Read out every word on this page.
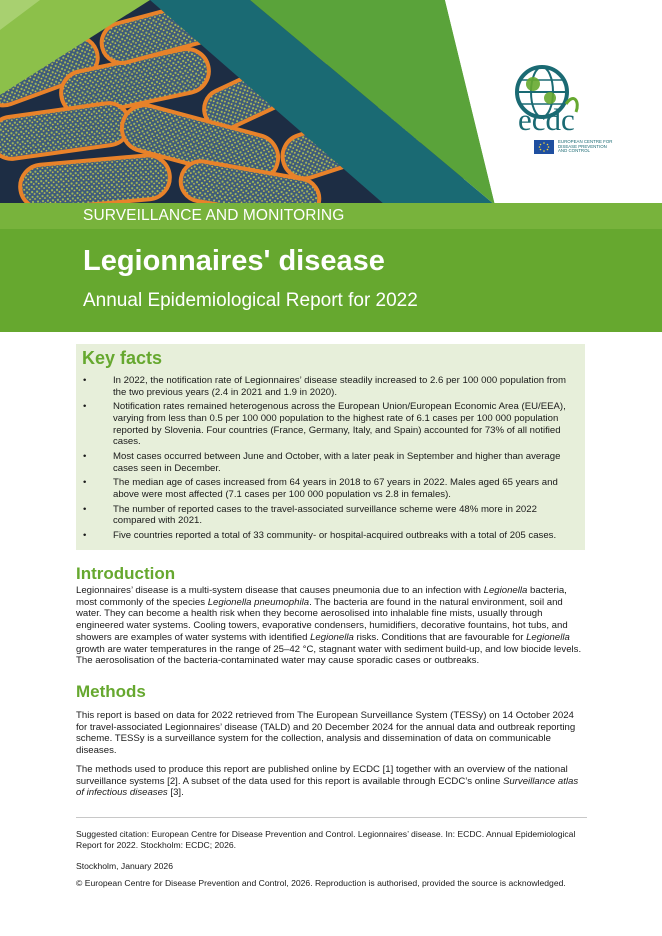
ecdc
EUROPEAN CENTRE FOR
DISEASE PREVENTION
AND CONTROL
SURVEILLANCE AND MONITORING
Legionnaires' disease
Annual Epidemiological Report for 2022
Key facts
•	In 2022, the notification rate of Legionnaires’ disease steadily increased to 2.6 per 100 000 population from the two previous years (2.4 in 2021 and 1.9 in 2020).
•	Notification rates remained heterogenous across the European Union/European Economic Area (EU/EEA), varying from less than 0.5 per 100 000 population to the highest rate of 6.1 cases per 100 000 population reported by Slovenia. Four countries (France, Germany, Italy, and Spain) accounted for 73% of all notified cases.
•	Most cases occurred between June and October, with a later peak in September and higher than average cases seen in December.
•	The median age of cases increased from 64 years in 2018 to 67 years in 2022. Males aged 65 years and above were most affected (7.1 cases per 100 000 population vs 2.8 in females).
•	The number of reported cases to the travel-associated surveillance scheme were 48% more in 2022 compared with 2021.
•	Five countries reported a total of 33 community- or hospital-acquired outbreaks with a total of 205 cases.
Introduction

Legionnaires’ disease is a multi-system disease that causes pneumonia due to an infection with Legionella bacteria, most commonly of the species Legionella pneumophila. The bacteria are found in the natural environment, soil and water. They can become a health risk when they become aerosolised into inhalable fine mists, usually through engineered water systems. Cooling towers, evaporative condensers, humidifiers, decorative fountains, hot tubs, and showers are examples of water systems with identified Legionella risks. Conditions that are favourable for Legionella growth are water temperatures in the range of 25–42 °C, stagnant water with sediment build-up, and low biocide levels. The aerosolisation of the bacteria-contaminated water may cause sporadic cases or outbreaks.

Methods

This report is based on data for 2022 retrieved from The European Surveillance System (TESSy) on 14 October 2024 for travel-associated Legionnaires’ disease (TALD) and 20 December 2024 for the annual data and outbreak reporting scheme. TESSy is a surveillance system for the collection, analysis and dissemination of data on communicable diseases.

The methods used to produce this report are published online by ECDC [1] together with an overview of the national surveillance systems [2]. A subset of the data used for this report is available through ECDC’s online Surveillance atlas of infectious diseases [3].

Suggested citation: European Centre for Disease Prevention and Control. Legionnaires’ disease. In: ECDC. Annual Epidemiological Report for 2022. Stockholm: ECDC; 2026.

Stockholm, January 2026

© European Centre for Disease Prevention and Control, 2026. Reproduction is authorised, provided the source is acknowledged.
